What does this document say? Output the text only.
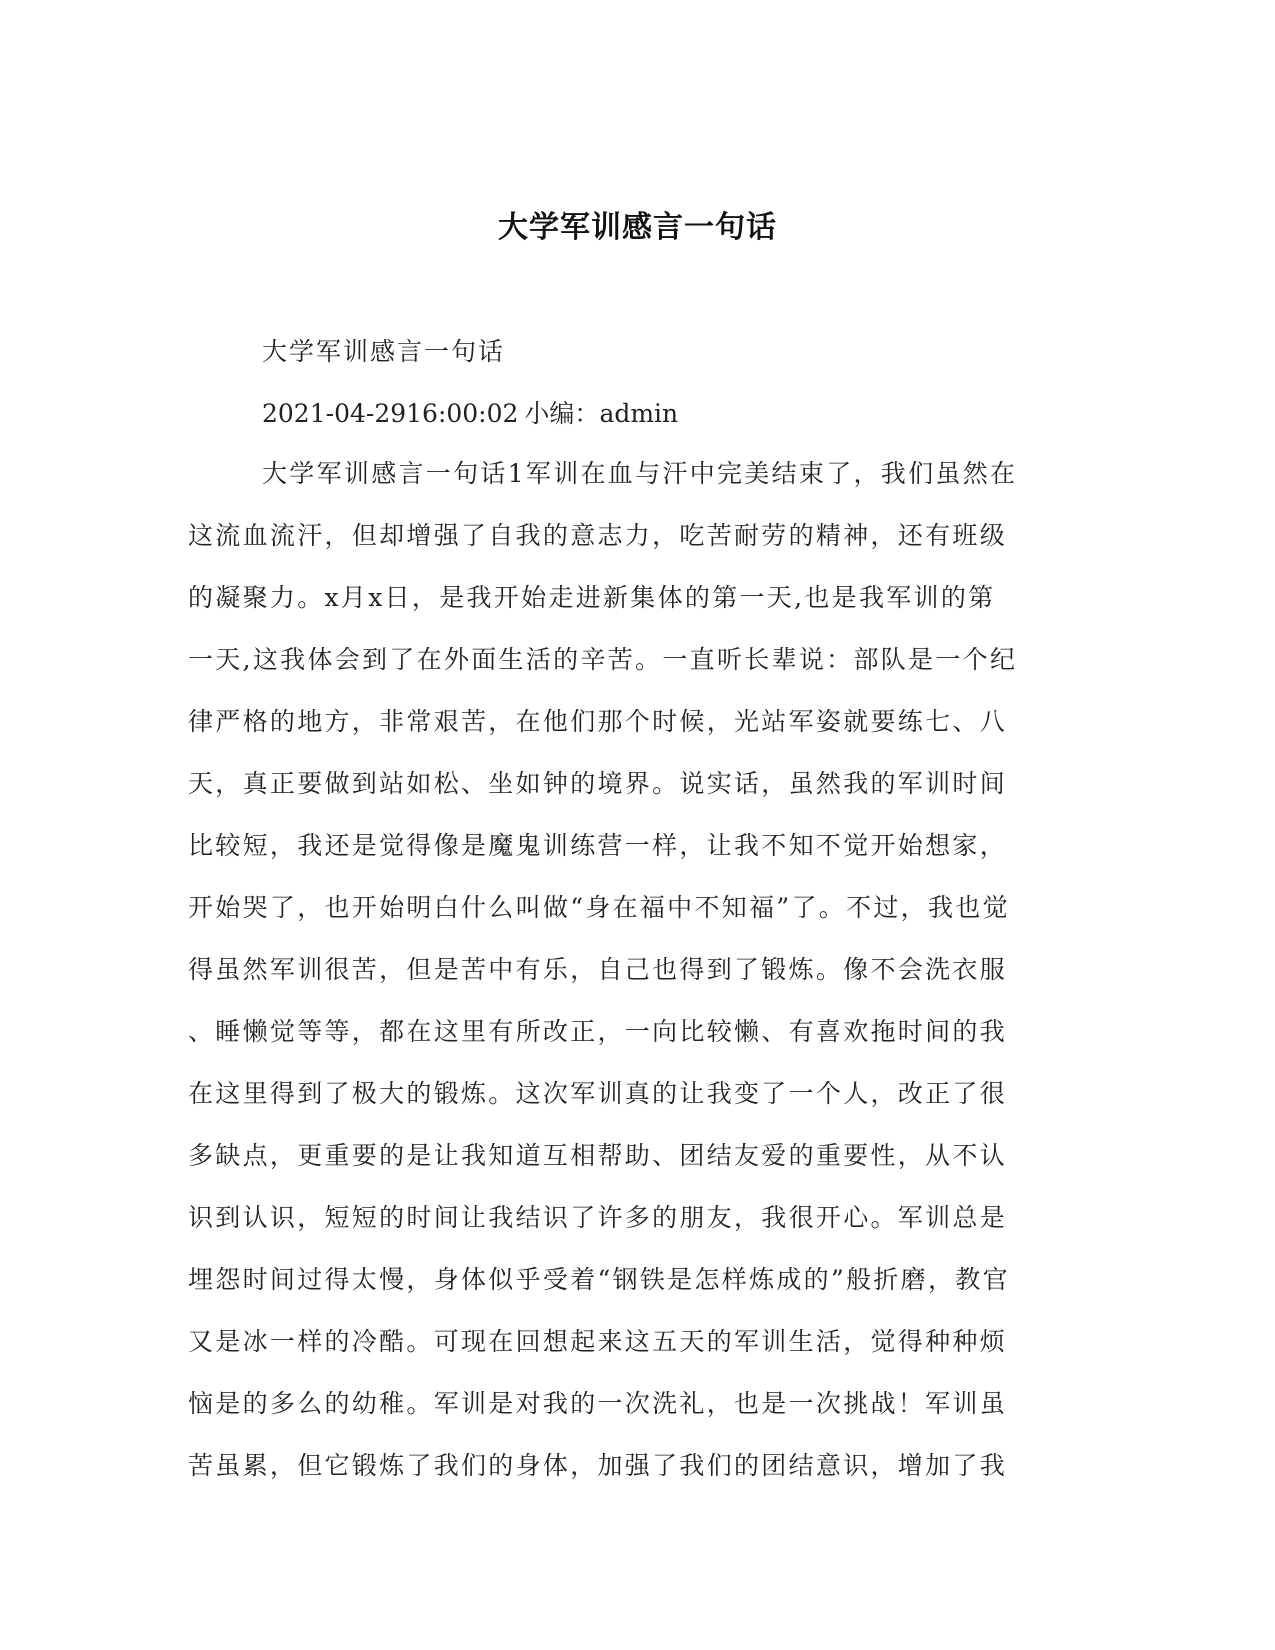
大学军训感言一句话
大学军训感言一句话
2021-04-2916:00:02 小编：admin
大学军训感言一句话1军训在血与汗中完美结束了，我们虽然在
这流血流汗，但却增强了自我的意志力，吃苦耐劳的精神，还有班级
的凝聚力。x月x日，是我开始走进新集体的第一天,也是我军训的第
一天,这我体会到了在外面生活的辛苦。一直听长辈说：部队是一个纪
律严格的地方，非常艰苦，在他们那个时候，光站军姿就要练七、八
天，真正要做到站如松、坐如钟的境界。说实话，虽然我的军训时间
比较短，我还是觉得像是魔鬼训练营一样，让我不知不觉开始想家，
开始哭了，也开始明白什么叫做“身在福中不知福”了。不过，我也觉
得虽然军训很苦，但是苦中有乐，自己也得到了锻炼。像不会洗衣服
、睡懒觉等等，都在这里有所改正，一向比较懒、有喜欢拖时间的我
在这里得到了极大的锻炼。这次军训真的让我变了一个人，改正了很
多缺点，更重要的是让我知道互相帮助、团结友爱的重要性，从不认
识到认识，短短的时间让我结识了许多的朋友，我很开心。军训总是
埋怨时间过得太慢，身体似乎受着“钢铁是怎样炼成的”般折磨，教官
又是冰一样的冷酷。可现在回想起来这五天的军训生活，觉得种种烦
恼是的多么的幼稚。军训是对我的一次洗礼，也是一次挑战！军训虽
苦虽累，但它锻炼了我们的身体，加强了我们的团结意识，增加了我
